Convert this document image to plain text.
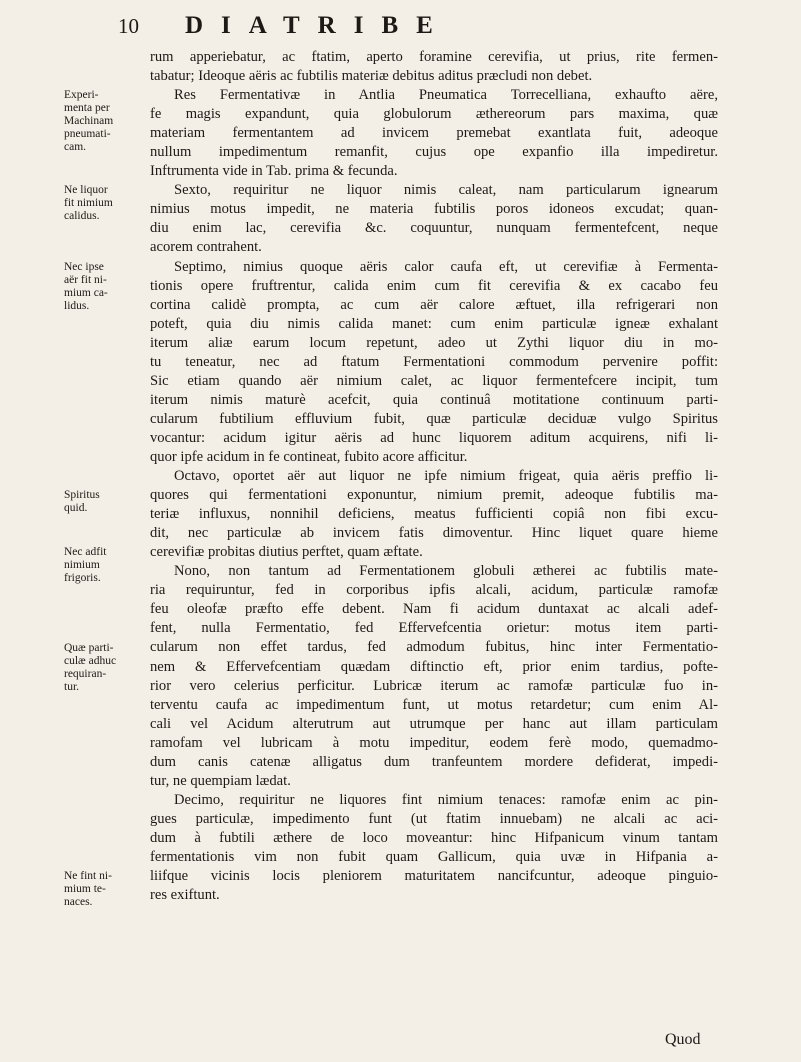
10 DIATRIBE
Experi-
menta per
Machinam
pneumati-
cam.
Ne liquor
fit nimium
calidus.
Nec ipse
aër fit ni-
mium ca-
lidus.
Spiritus
quid.
Nec adfit
nimium
frigoris.
Quæ parti-
culæ adhuc
requiran-
tur.
Ne fint ni-
mium te-
naces.

rum apperiebatur, ac ftatim, aperto foramine cerevifia, ut prius, rite fermen-
tabatur; Ideoque aëris ac fubtilis materiæ debitus aditus præcludi non debet.

Res Fermentativæ in Antlia Pneumatica Torrecelliana, exhaufto aëre,
fe magis expandunt, quia globulorum æthereorum pars maxima, quæ
materiam fermentantem ad invicem premebat exantlata fuit, adeoque
nullum impedimentum remanfit, cujus ope expanfio illa impediretur.
Inftrumenta vide in Tab. prima & fecunda.

Sexto, requiritur ne liquor nimis caleat, nam particularum ignearum
nimius motus impedit, ne materia fubtilis poros idoneos excudat; quan-
diu enim lac, cerevifia &c. coquuntur, nunquam fermentefcent, neque
acorem contrahent.

Septimo, nimius quoque aëris calor caufa eft, ut cerevifiæ à Fermenta-
tionis opere fruftrentur, calida enim cum fit cerevifia & ex cacabo feu
cortina calidè prompta, ac cum aër calore æftuet, illa refrigerari non
poteft, quia diu nimis calida manet: cum enim particulæ igneæ exhalant
iterum aliæ earum locum repetunt, adeo ut Zythi liquor diu in mo-
tu teneatur, nec ad ftatum Fermentationi commodum pervenire poffit:
Sic etiam quando aër nimium calet, ac liquor fermentefcere incipit, tum
iterum nimis maturè acefcit, quia continuâ motitatione continuum parti-
cularum fubtilium effluvium fubit, quæ particulæ deciduæ vulgo Spiritus
vocantur: acidum igitur aëris ad hunc liquorem aditum acquirens, nifi li-
quor ipfe acidum in fe contineat, fubito acore afficitur.

Octavo, oportet aër aut liquor ne ipfe nimium frigeat, quia aëris preffio li-
quores qui fermentationi exponuntur, nimium premit, adeoque fubtilis ma-
teriæ influxus, nonnihil deficiens, meatus fufficienti copiâ non fibi excu-
dit, nec particulæ ab invicem fatis dimoventur. Hinc liquet quare hieme
cerevifiæ probitas diutius perftet, quam æftate.

Nono, non tantum ad Fermentationem globuli ætherei ac fubtilis mate-
ria requiruntur, fed in corporibus ipfis alcali, acidum, particulæ ramofæ
feu oleofæ præfto effe debent. Nam fi acidum duntaxat ac alcali adef-
fent, nulla Fermentatio, fed Effervefcentia orietur: motus item parti-
cularum non effet tardus, fed admodum fubitus, hinc inter Fermentatio-
nem & Effervefcentiam quædam diftinctio eft, prior enim tardius, pofte-
rior vero celerius perficitur. Lubricæ iterum ac ramofæ particulæ fuo in-
terventu caufa ac impedimentum funt, ut motus retardetur; cum enim Al-
cali vel Acidum alterutrum aut utrumque per hanc aut illam particulam
ramofam vel lubricam à motu impeditur, eodem ferè modo, quemadmo-
dum canis catenæ alligatus dum tranfeuntem mordere defiderat, impedi-
tur, ne quempiam lædat.

Decimo, requiritur ne liquores fint nimium tenaces: ramofæ enim ac pin-
gues particulæ, impedimento funt (ut ftatim innuebam) ne alcali ac aci-
dum à fubtili æthere de loco moveantur: hinc Hifpanicum vinum tantam
fermentationis vim non fubit quam Gallicum, quia uvæ in Hifpania a-
liifque vicinis locis pleniorem maturitatem nancifcuntur, adeoque pinguio-
res exiftunt.

Quod
